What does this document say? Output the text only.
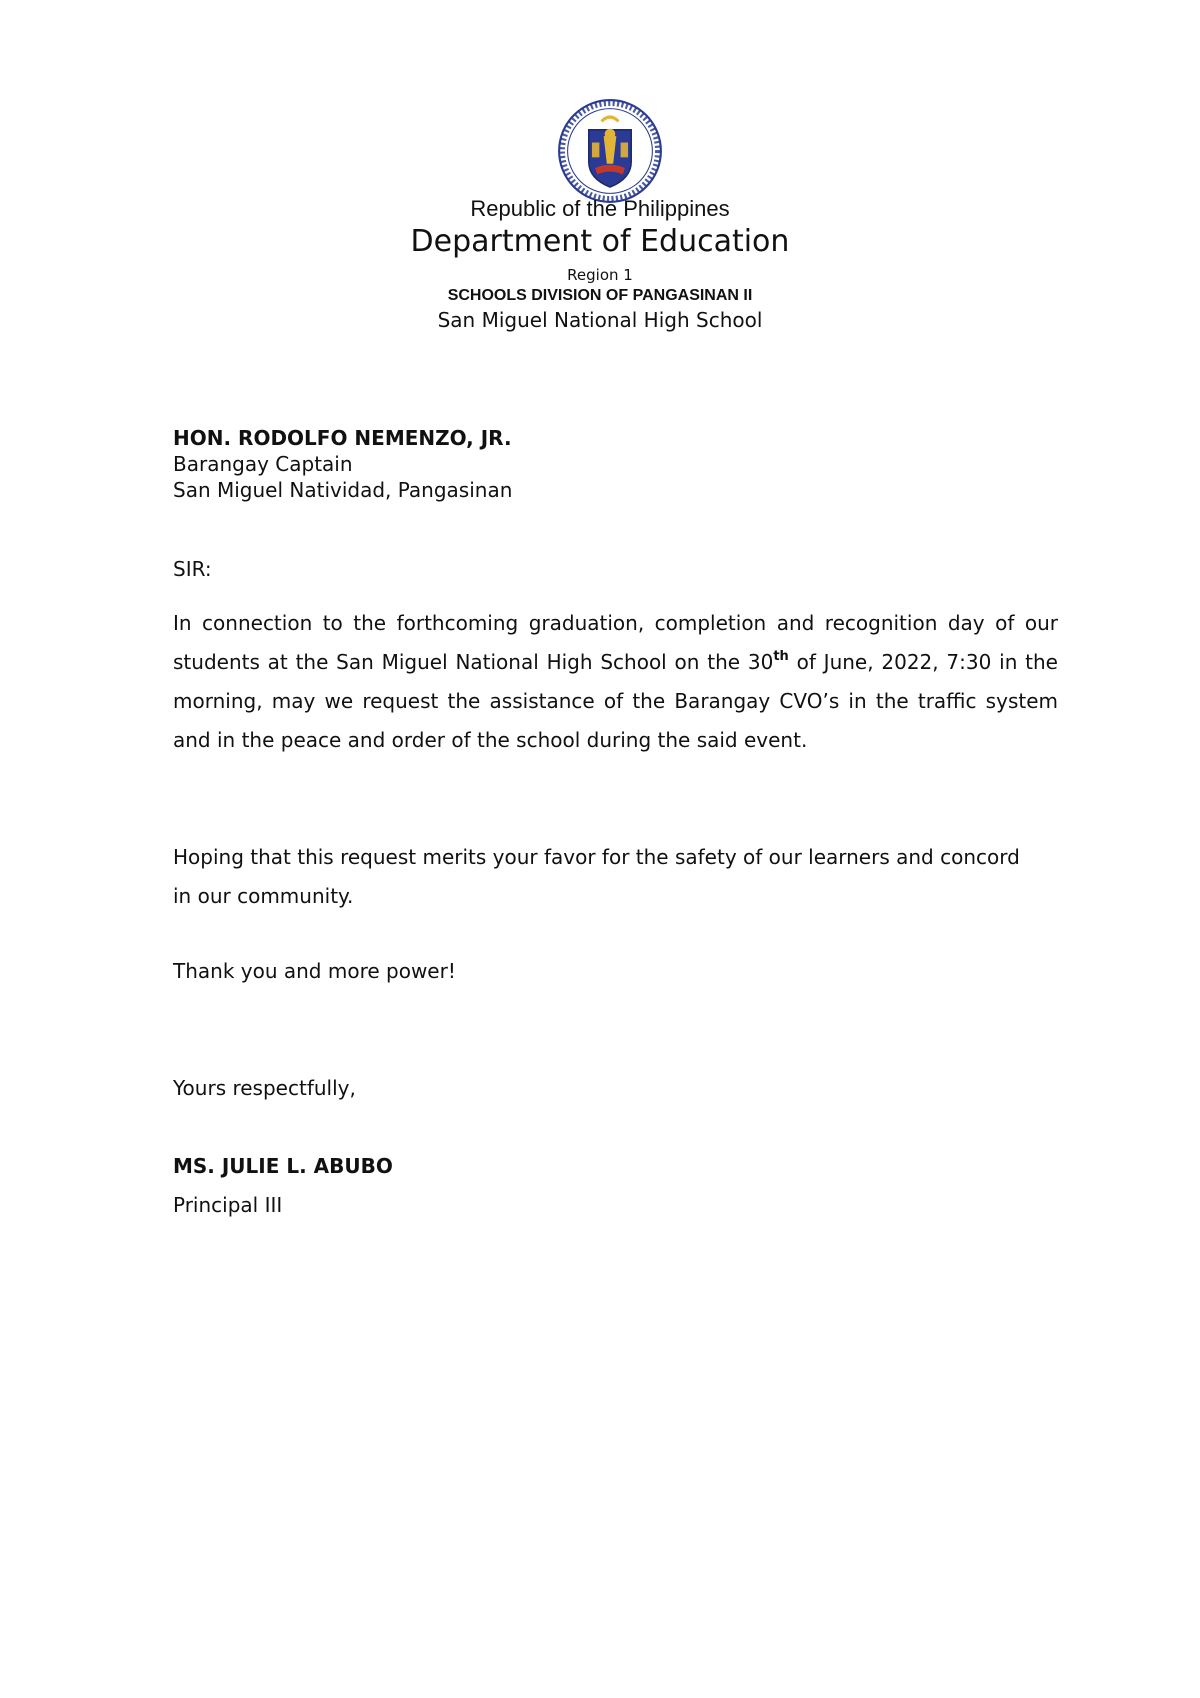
Republic of the Philippines
Department of Education
Region 1
SCHOOLS DIVISION OF PANGASINAN II
San Miguel National High School
HON. RODOLFO NEMENZO, JR.
Barangay Captain
San Miguel Natividad, Pangasinan
SIR:
In connection to the forthcoming graduation, completion and recognition day of our students at the San Miguel National High School on the 30th of June, 2022, 7:30 in the morning, may we request the assistance of the Barangay CVO’s in the traffic system and in the peace and order of the school during the said event.
Hoping that this request merits your favor for the safety of our learners and concord in our community.
Thank you and more power!
Yours respectfully,
MS. JULIE L. ABUBO
Principal III
